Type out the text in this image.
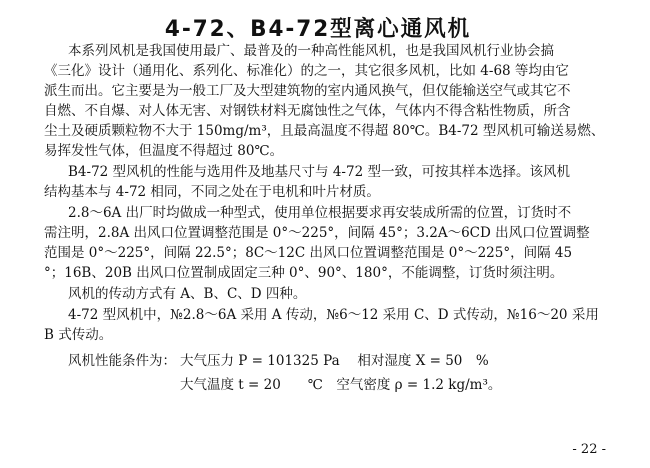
4-72、B4-72型离心通风机
本系列风机是我国使用最广、最普及的一种高性能风机，也是我国风机行业协会搞
《三化》设计（通用化、系列化、标准化）的之一，其它很多风机，比如 4-68 等均由它
派生而出。它主要是为一般工厂及大型建筑物的室内通风换气，但仅能输送空气或其它不
自燃、不自爆、对人体无害、对钢铁材料无腐蚀性之气体，气体内不得含粘性物质，所含
尘土及硬质颗粒物不大于 150mg/m³，且最高温度不得超 80℃。B4-72 型风机可输送易燃、
易挥发性气体，但温度不得超过 80℃。
B4-72 型风机的性能与选用件及地基尺寸与 4-72 型一致，可按其样本选择。该风机
结构基本与 4-72 相同，不同之处在于电机和叶片材质。
2.8～6A 出厂时均做成一种型式，使用单位根据要求再安装成所需的位置，订货时不
需注明，2.8A 出风口位置调整范围是 0°～225°，间隔 45°；3.2A～6CD 出风口位置调整
范围是 0°～225°，间隔 22.5°；8C～12C 出风口位置调整范围是 0°～225°，间隔 45
°；16B、20B 出风口位置制成固定三种 0°、90°、180°，不能调整，订货时须注明。
风机的传动方式有 A、B、C、D 四种。
4-72 型风机中，№2.8～6A 采用 A 传动，№6～12 采用 C、D 式传动，№16～20 采用
B 式传动。
风机性能条件为： 大气压力 P = 101325 Pa　 相对湿度 X = 50　%
大气温度 t = 20　　℃　空气密度 ρ = 1.2 kg/m³。
- 22 -
